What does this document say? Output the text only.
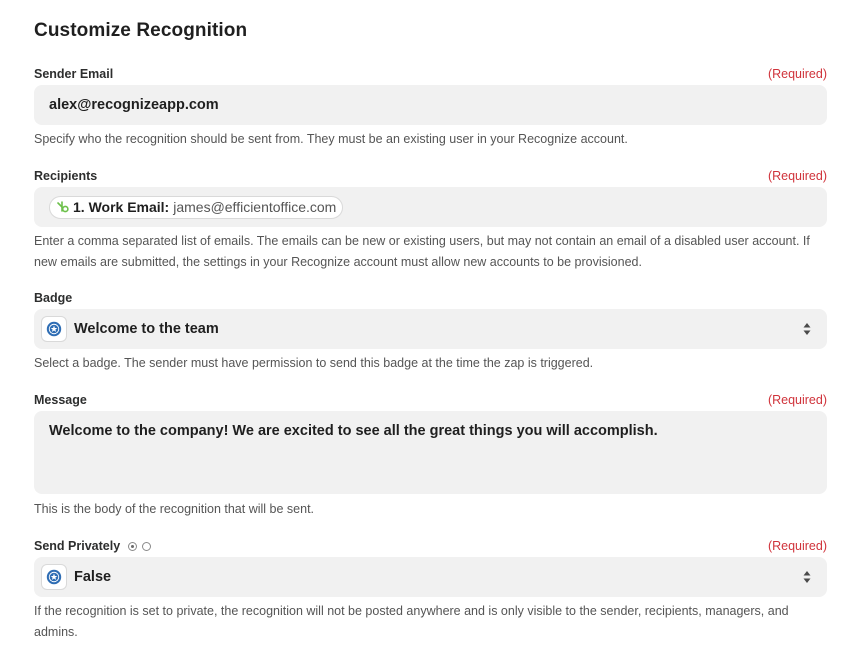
Customize Recognition
Sender Email	(Required)
alex@recognizeapp.com
Specify who the recognition should be sent from. They must be an existing user in your Recognize account.
Recipients	(Required)
1. Work Email: james@efficientoffice.com
Enter a comma separated list of emails. The emails can be new or existing users, but may not contain an email of a disabled user account. If new emails are submitted, the settings in your Recognize account must allow new accounts to be provisioned.
Badge
Welcome to the team
Select a badge. The sender must have permission to send this badge at the time the zap is triggered.
Message	(Required)
Welcome to the company! We are excited to see all the great things you will accomplish.
This is the body of the recognition that will be sent.
Send Privately	(Required)
False
If the recognition is set to private, the recognition will not be posted anywhere and is only visible to the sender, recipients, managers, and admins.
